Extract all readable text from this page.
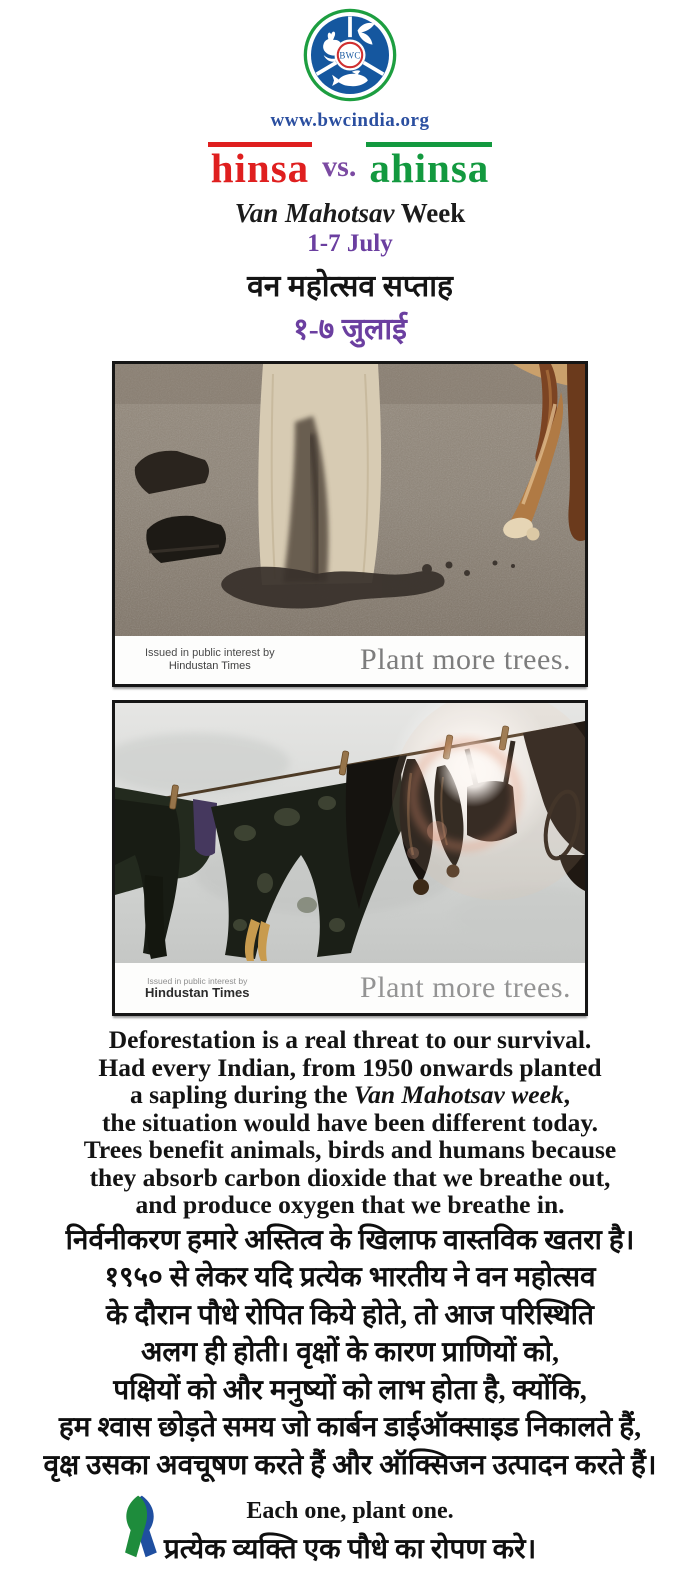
BWC
www.bwcindia.org
hinsa vs. ahinsa
Van Mahotsav Week
1-7 July
वन महोत्सव सप्ताह
१-७ जुलाई
Issued in public interest by
Hindustan Times	Plant more trees.
Issued in public interest by
Hindustan Times	Plant more trees.
Deforestation is a real threat to our survival.
Had every Indian, from 1950 onwards planted
a sapling during the Van Mahotsav week,
the situation would have been different today.
Trees benefit animals, birds and humans because
they absorb carbon dioxide that we breathe out,
and produce oxygen that we breathe in.
निर्वनीकरण हमारे अस्तित्व के खिलाफ वास्तविक खतरा है।
१९५० से लेकर यदि प्रत्येक भारतीय ने वन महोत्सव
के दौरान पौधे रोपित किये होते, तो आज परिस्थिति
अलग ही होती। वृक्षों के कारण प्राणियों को,
पक्षियों को और मनुष्यों को लाभ होता है, क्योंकि,
हम श्वास छोड़ते समय जो कार्बन डाईऑक्साइड निकालते हैं,
वृक्ष उसका अवचूषण करते हैं और ऑक्सिजन उत्पादन करते हैं।
Each one, plant one.
प्रत्येक व्यक्ति एक पौधे का रोपण करे।
